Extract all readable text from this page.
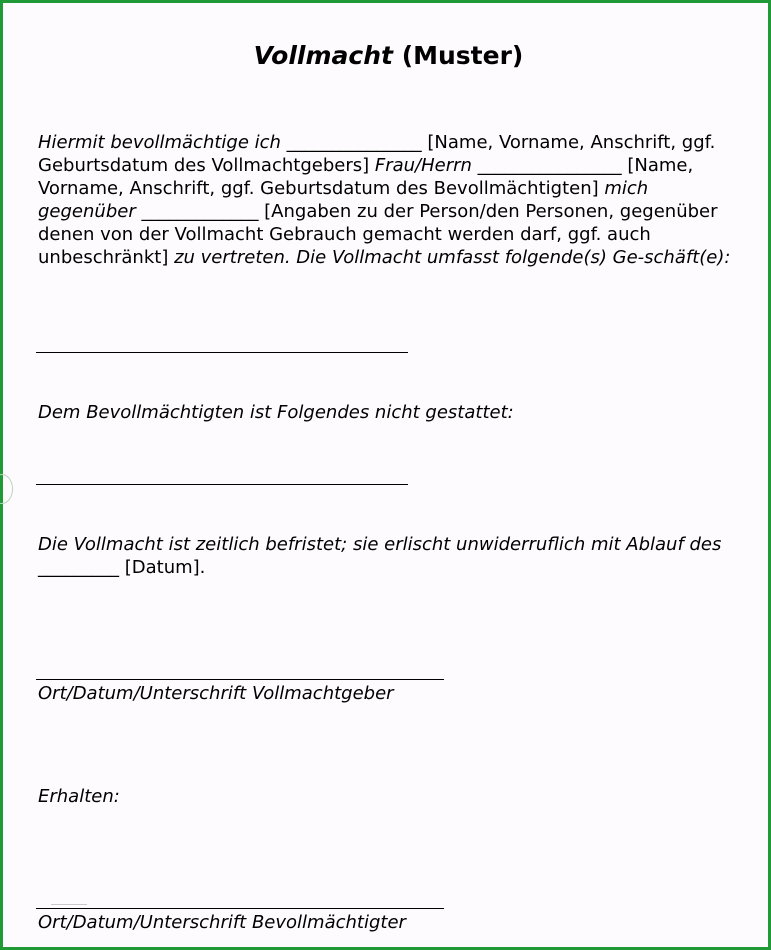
Vollmacht (Muster)

Hiermit bevollmächtige ich _______________ [Name, Vorname, Anschrift, ggf. Geburtsdatum des Vollmachtgebers] Frau/Herrn ________________ [Name, Vorname, Anschrift, ggf. Geburtsdatum des Bevollmächtigten] mich gegenüber _____________ [Angaben zu der Person/den Personen, gegenüber denen von der Vollmacht Gebrauch gemacht werden darf, ggf. auch unbeschränkt] zu vertreten. Die Vollmacht umfasst folgende(s) Ge-schäft(e):

Dem Bevollmächtigten ist Folgendes nicht gestattet:

Die Vollmacht ist zeitlich befristet; sie erlischt unwiderruflich mit Ablauf des _________ [Datum].

Ort/Datum/Unterschrift Vollmachtgeber
Erhalten:
Ort/Datum/Unterschrift Bevollmächtigter
